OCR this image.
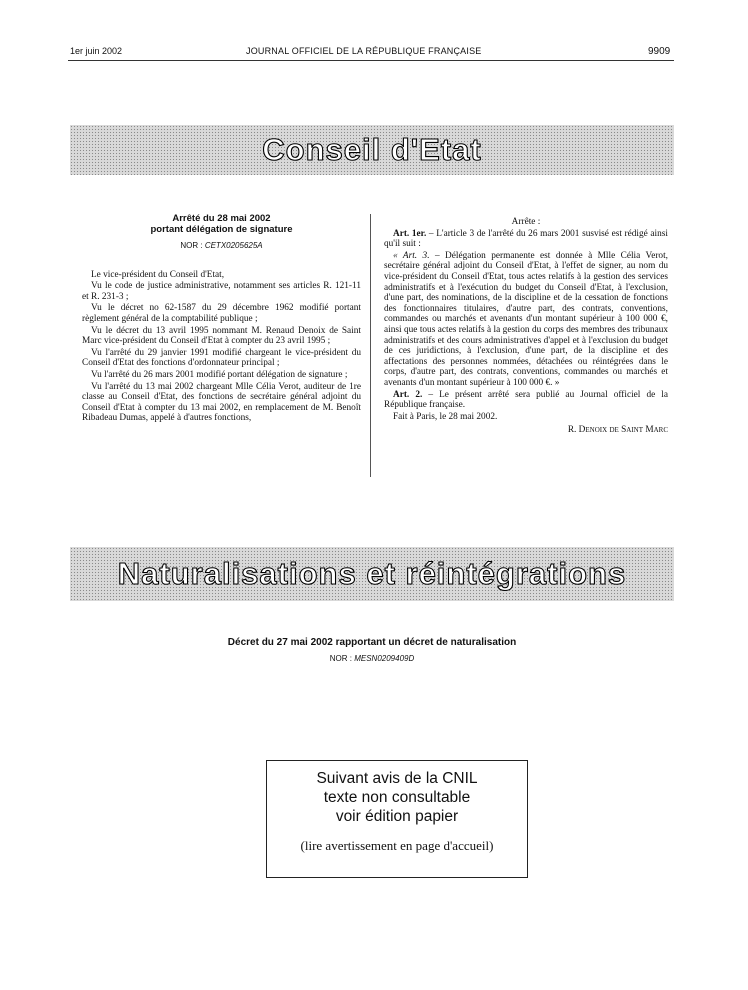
1er juin 2002	JOURNAL OFFICIEL DE LA RÉPUBLIQUE FRANÇAISE	9909
Conseil d'Etat
Arrêté du 28 mai 2002
portant délégation de signature
NOR : CETX0205625A

Le vice-président du Conseil d'Etat,

Vu le code de justice administrative, notamment ses articles R. 121-11 et R. 231-3 ;

Vu le décret no 62-1587 du 29 décembre 1962 modifié portant règlement général de la comptabilité publique ;

Vu le décret du 13 avril 1995 nommant M. Renaud Denoix de Saint Marc vice-président du Conseil d'Etat à compter du 23 avril 1995 ;

Vu l'arrêté du 29 janvier 1991 modifié chargeant le vice-président du Conseil d'Etat des fonctions d'ordonnateur principal ;

Vu l'arrêté du 26 mars 2001 modifié portant délégation de signature ;

Vu l'arrêté du 13 mai 2002 chargeant Mlle Célia Verot, auditeur de 1re classe au Conseil d'Etat, des fonctions de secrétaire général adjoint du Conseil d'Etat à compter du 13 mai 2002, en remplacement de M. Benoît Ribadeau Dumas, appelé à d'autres fonctions,

Arrête :

Art. 1er. – L'article 3 de l'arrêté du 26 mars 2001 susvisé est rédigé ainsi qu'il suit :

« Art. 3. – Délégation permanente est donnée à Mlle Célia Verot, secrétaire général adjoint du Conseil d'Etat, à l'effet de signer, au nom du vice-président du Conseil d'Etat, tous actes relatifs à la gestion des services administratifs et à l'exécution du budget du Conseil d'Etat, à l'exclusion, d'une part, des nominations, de la discipline et de la cessation de fonctions des fonctionnaires titulaires, d'autre part, des contrats, conventions, commandes ou marchés et avenants d'un montant supérieur à 100 000 €, ainsi que tous actes relatifs à la gestion du corps des membres des tribunaux administratifs et des cours administratives d'appel et à l'exclusion du budget de ces juridictions, à l'exclusion, d'une part, de la discipline et des affectations des personnes nommées, détachées ou réintégrées dans le corps, d'autre part, des contrats, conventions, commandes ou marchés et avenants d'un montant supérieur à 100 000 €. »

Art. 2. – Le présent arrêté sera publié au Journal officiel de la République française.

Fait à Paris, le 28 mai 2002.

R. Denoix de Saint Marc
Naturalisations et réintégrations
Décret du 27 mai 2002 rapportant un décret de naturalisation
NOR : MESN0209409D
Suivant avis de la CNIL
texte non consultable
voir édition papier
(lire avertissement en page d'accueil)
